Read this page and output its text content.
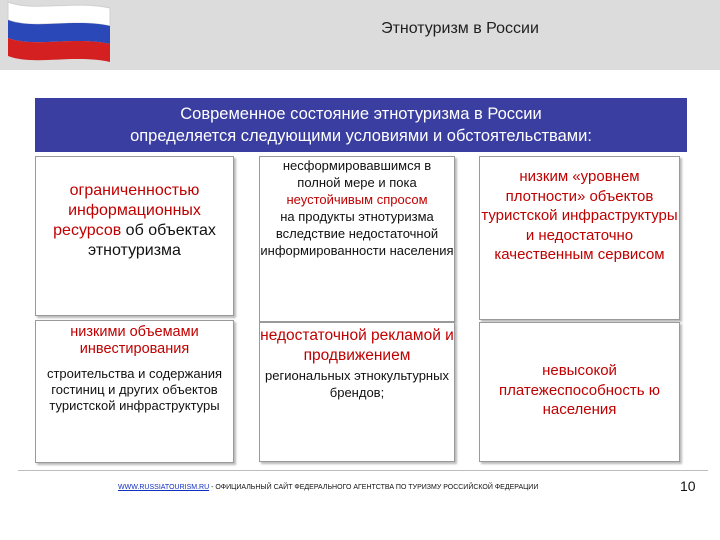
Этнотуризм в России
Современное состояние этнотуризма в России
определяется следующими условиями и обстоятельствами:
ограниченностью информационных ресурсов об объектах этнотуризма
низкими объемами инвестирования
строительства и содержания гостиниц и других объектов туристской инфраструктуры
несформировавшимся в полной мере и пока
неустойчивым спросом
на продукты этнотуризма вследствие недостаточной информированности населения
недостаточной рекламой и продвижением
региональных этнокультурных брендов;
низким «уровнем плотности» объектов туристской инфраструктуры и недостаточно качественным сервисом
невысокой платежеспособность ю населения
WWW.RUSSIATOURISM.RU - ОФИЦИАЛЬНЫЙ САЙТ ФЕДЕРАЛЬНОГО АГЕНТСТВА ПО ТУРИЗМУ РОССИЙСКОЙ ФЕДЕРАЦИИ	10
